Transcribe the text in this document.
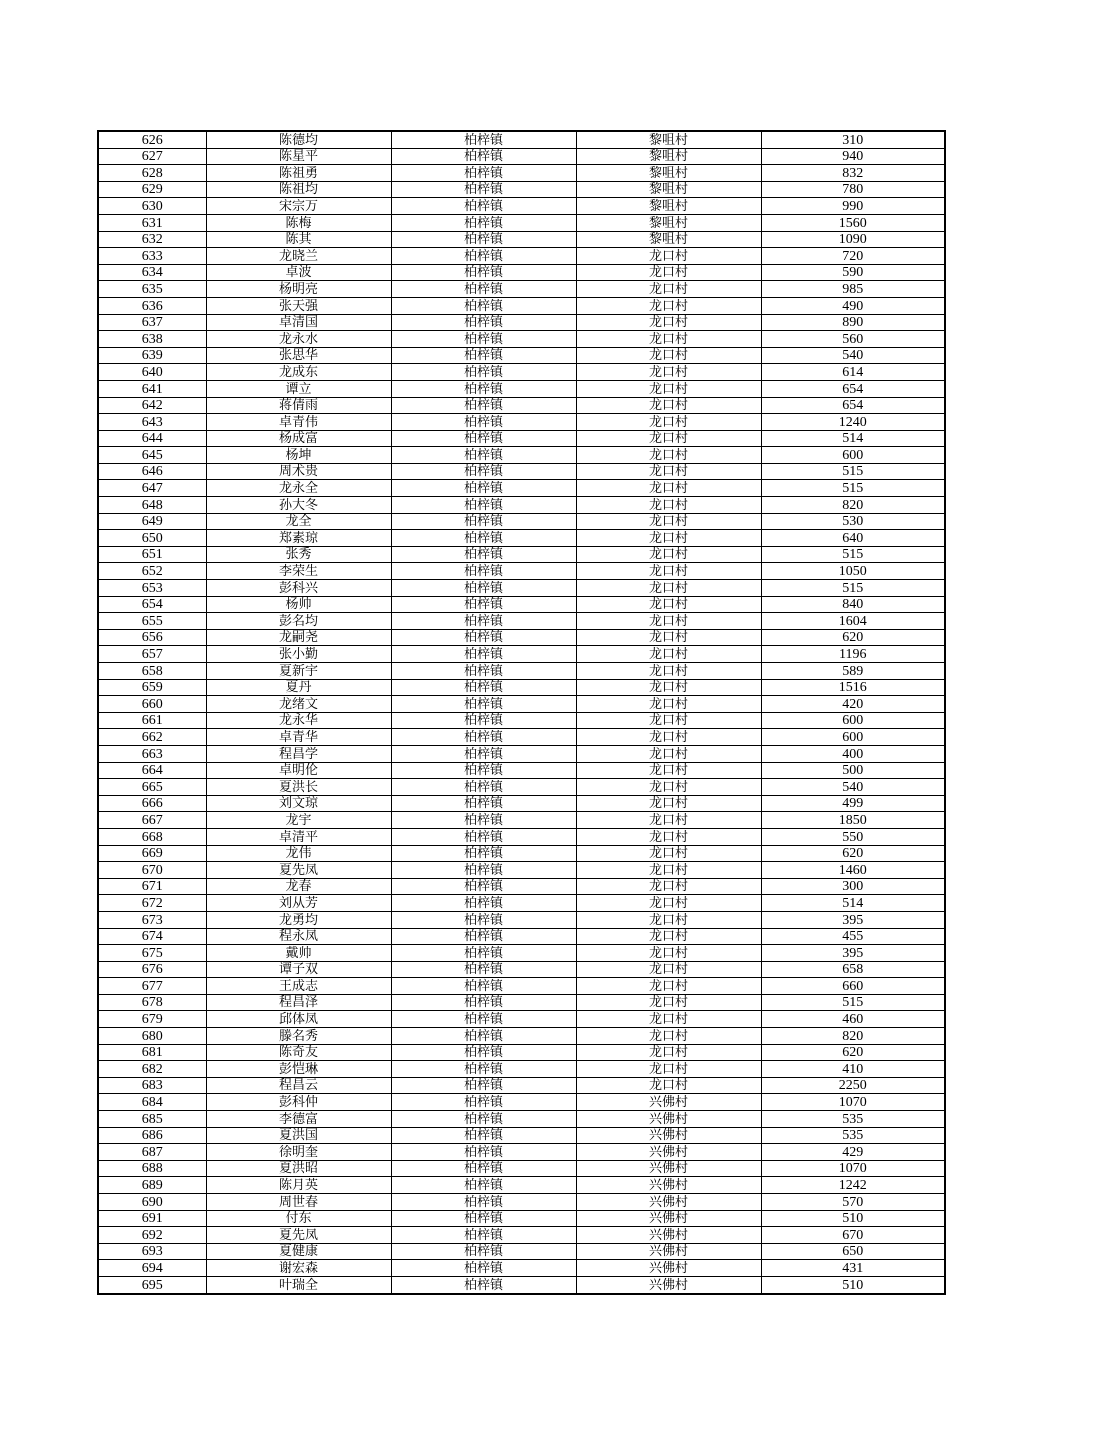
626	陈德均	柏梓镇	黎咀村	310
627	陈星平	柏梓镇	黎咀村	940
628	陈祖勇	柏梓镇	黎咀村	832
629	陈祖均	柏梓镇	黎咀村	780
630	宋宗万	柏梓镇	黎咀村	990
631	陈梅	柏梓镇	黎咀村	1560
632	陈其	柏梓镇	黎咀村	1090
633	龙晓兰	柏梓镇	龙口村	720
634	卓波	柏梓镇	龙口村	590
635	杨明亮	柏梓镇	龙口村	985
636	张天强	柏梓镇	龙口村	490
637	卓清国	柏梓镇	龙口村	890
638	龙永水	柏梓镇	龙口村	560
639	张思华	柏梓镇	龙口村	540
640	龙成东	柏梓镇	龙口村	614
641	谭立	柏梓镇	龙口村	654
642	蒋倩雨	柏梓镇	龙口村	654
643	卓青伟	柏梓镇	龙口村	1240
644	杨成富	柏梓镇	龙口村	514
645	杨坤	柏梓镇	龙口村	600
646	周术贵	柏梓镇	龙口村	515
647	龙永全	柏梓镇	龙口村	515
648	孙大冬	柏梓镇	龙口村	820
649	龙全	柏梓镇	龙口村	530
650	郑素琼	柏梓镇	龙口村	640
651	张秀	柏梓镇	龙口村	515
652	李荣生	柏梓镇	龙口村	1050
653	彭科兴	柏梓镇	龙口村	515
654	杨帅	柏梓镇	龙口村	840
655	彭名均	柏梓镇	龙口村	1604
656	龙嗣尧	柏梓镇	龙口村	620
657	张小勤	柏梓镇	龙口村	1196
658	夏新宇	柏梓镇	龙口村	589
659	夏丹	柏梓镇	龙口村	1516
660	龙绪文	柏梓镇	龙口村	420
661	龙永华	柏梓镇	龙口村	600
662	卓青华	柏梓镇	龙口村	600
663	程昌学	柏梓镇	龙口村	400
664	卓明伦	柏梓镇	龙口村	500
665	夏洪长	柏梓镇	龙口村	540
666	刘文琼	柏梓镇	龙口村	499
667	龙宇	柏梓镇	龙口村	1850
668	卓清平	柏梓镇	龙口村	550
669	龙伟	柏梓镇	龙口村	620
670	夏先凤	柏梓镇	龙口村	1460
671	龙春	柏梓镇	龙口村	300
672	刘从芳	柏梓镇	龙口村	514
673	龙勇均	柏梓镇	龙口村	395
674	程永凤	柏梓镇	龙口村	455
675	戴帅	柏梓镇	龙口村	395
676	谭子双	柏梓镇	龙口村	658
677	王成志	柏梓镇	龙口村	660
678	程昌泽	柏梓镇	龙口村	515
679	邱体凤	柏梓镇	龙口村	460
680	滕名秀	柏梓镇	龙口村	820
681	陈奇友	柏梓镇	龙口村	620
682	彭恺琳	柏梓镇	龙口村	410
683	程昌云	柏梓镇	龙口村	2250
684	彭科仲	柏梓镇	兴佛村	1070
685	李德富	柏梓镇	兴佛村	535
686	夏洪国	柏梓镇	兴佛村	535
687	徐明奎	柏梓镇	兴佛村	429
688	夏洪昭	柏梓镇	兴佛村	1070
689	陈月英	柏梓镇	兴佛村	1242
690	周世春	柏梓镇	兴佛村	570
691	付东	柏梓镇	兴佛村	510
692	夏先凤	柏梓镇	兴佛村	670
693	夏健康	柏梓镇	兴佛村	650
694	谢宏森	柏梓镇	兴佛村	431
695	叶瑞全	柏梓镇	兴佛村	510
